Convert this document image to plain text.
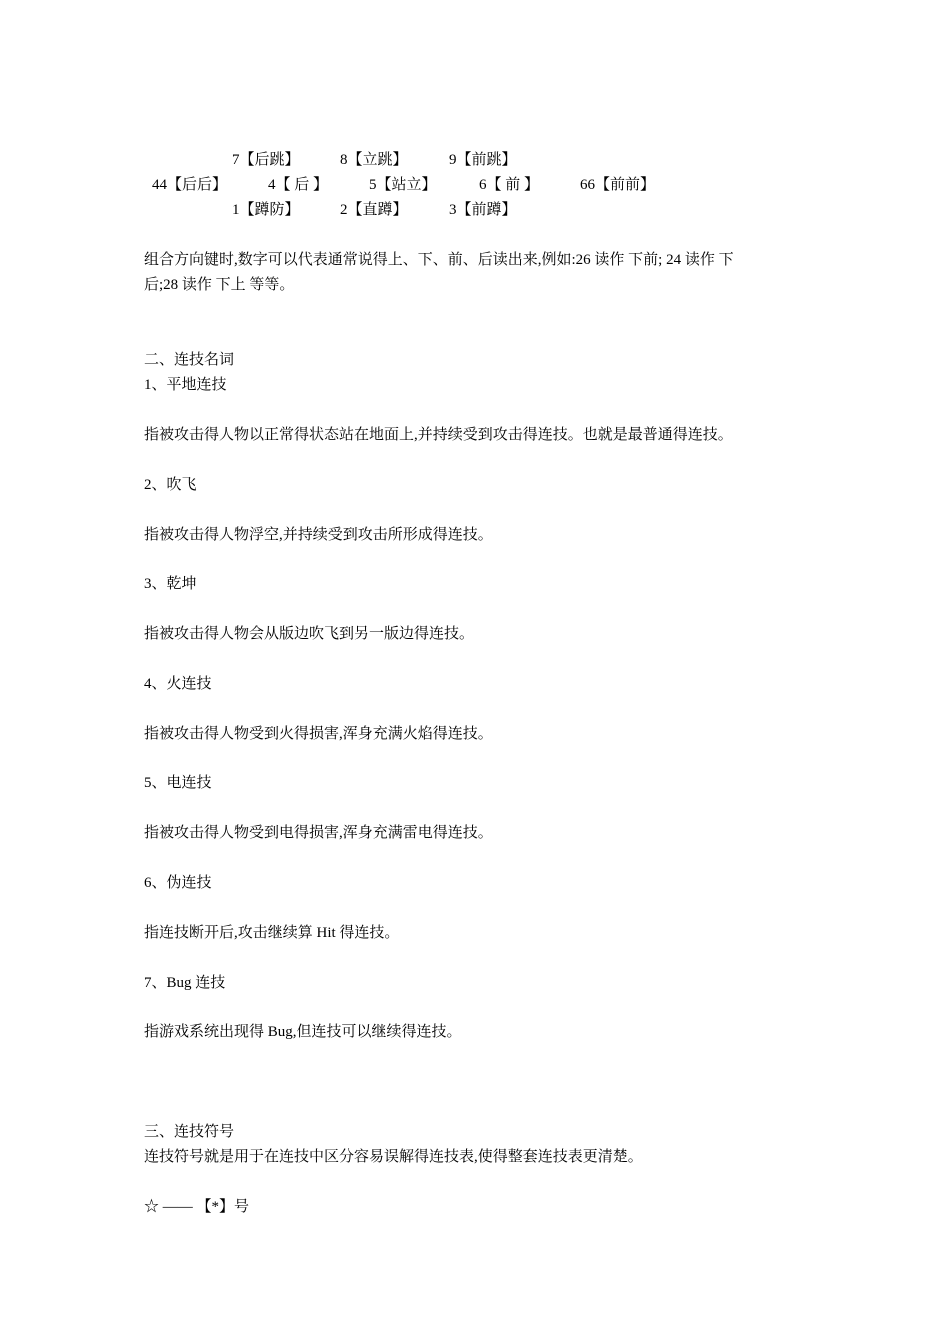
7【后跳】	8【立跳】	9【前跳】
44【后后】	4【 后 】	5【站立】	6【 前 】	66【前前】
1【蹲防】	2【直蹲】	3【前蹲】
组合方向键时,数字可以代表通常说得上、下、前、后读出来,例如:26 读作 下前; 24 读作 下
后;28 读作 下上 等等。
二、连技名词
1、平地连技
指被攻击得人物以正常得状态站在地面上,并持续受到攻击得连技。也就是最普通得连技。
2、吹飞
指被攻击得人物浮空,并持续受到攻击所形成得连技。
3、乾坤
指被攻击得人物会从版边吹飞到另一版边得连技。
4、火连技
指被攻击得人物受到火得损害,浑身充满火焰得连技。
5、电连技
指被攻击得人物受到电得损害,浑身充满雷电得连技。
6、伪连技
指连技断开后,攻击继续算 Hit 得连技。
7、Bug 连技
指游戏系统出现得 Bug,但连技可以继续得连技。
三、连技符号
连技符号就是用于在连技中区分容易误解得连技表,使得整套连技表更清楚。
☆ —— 【*】号
